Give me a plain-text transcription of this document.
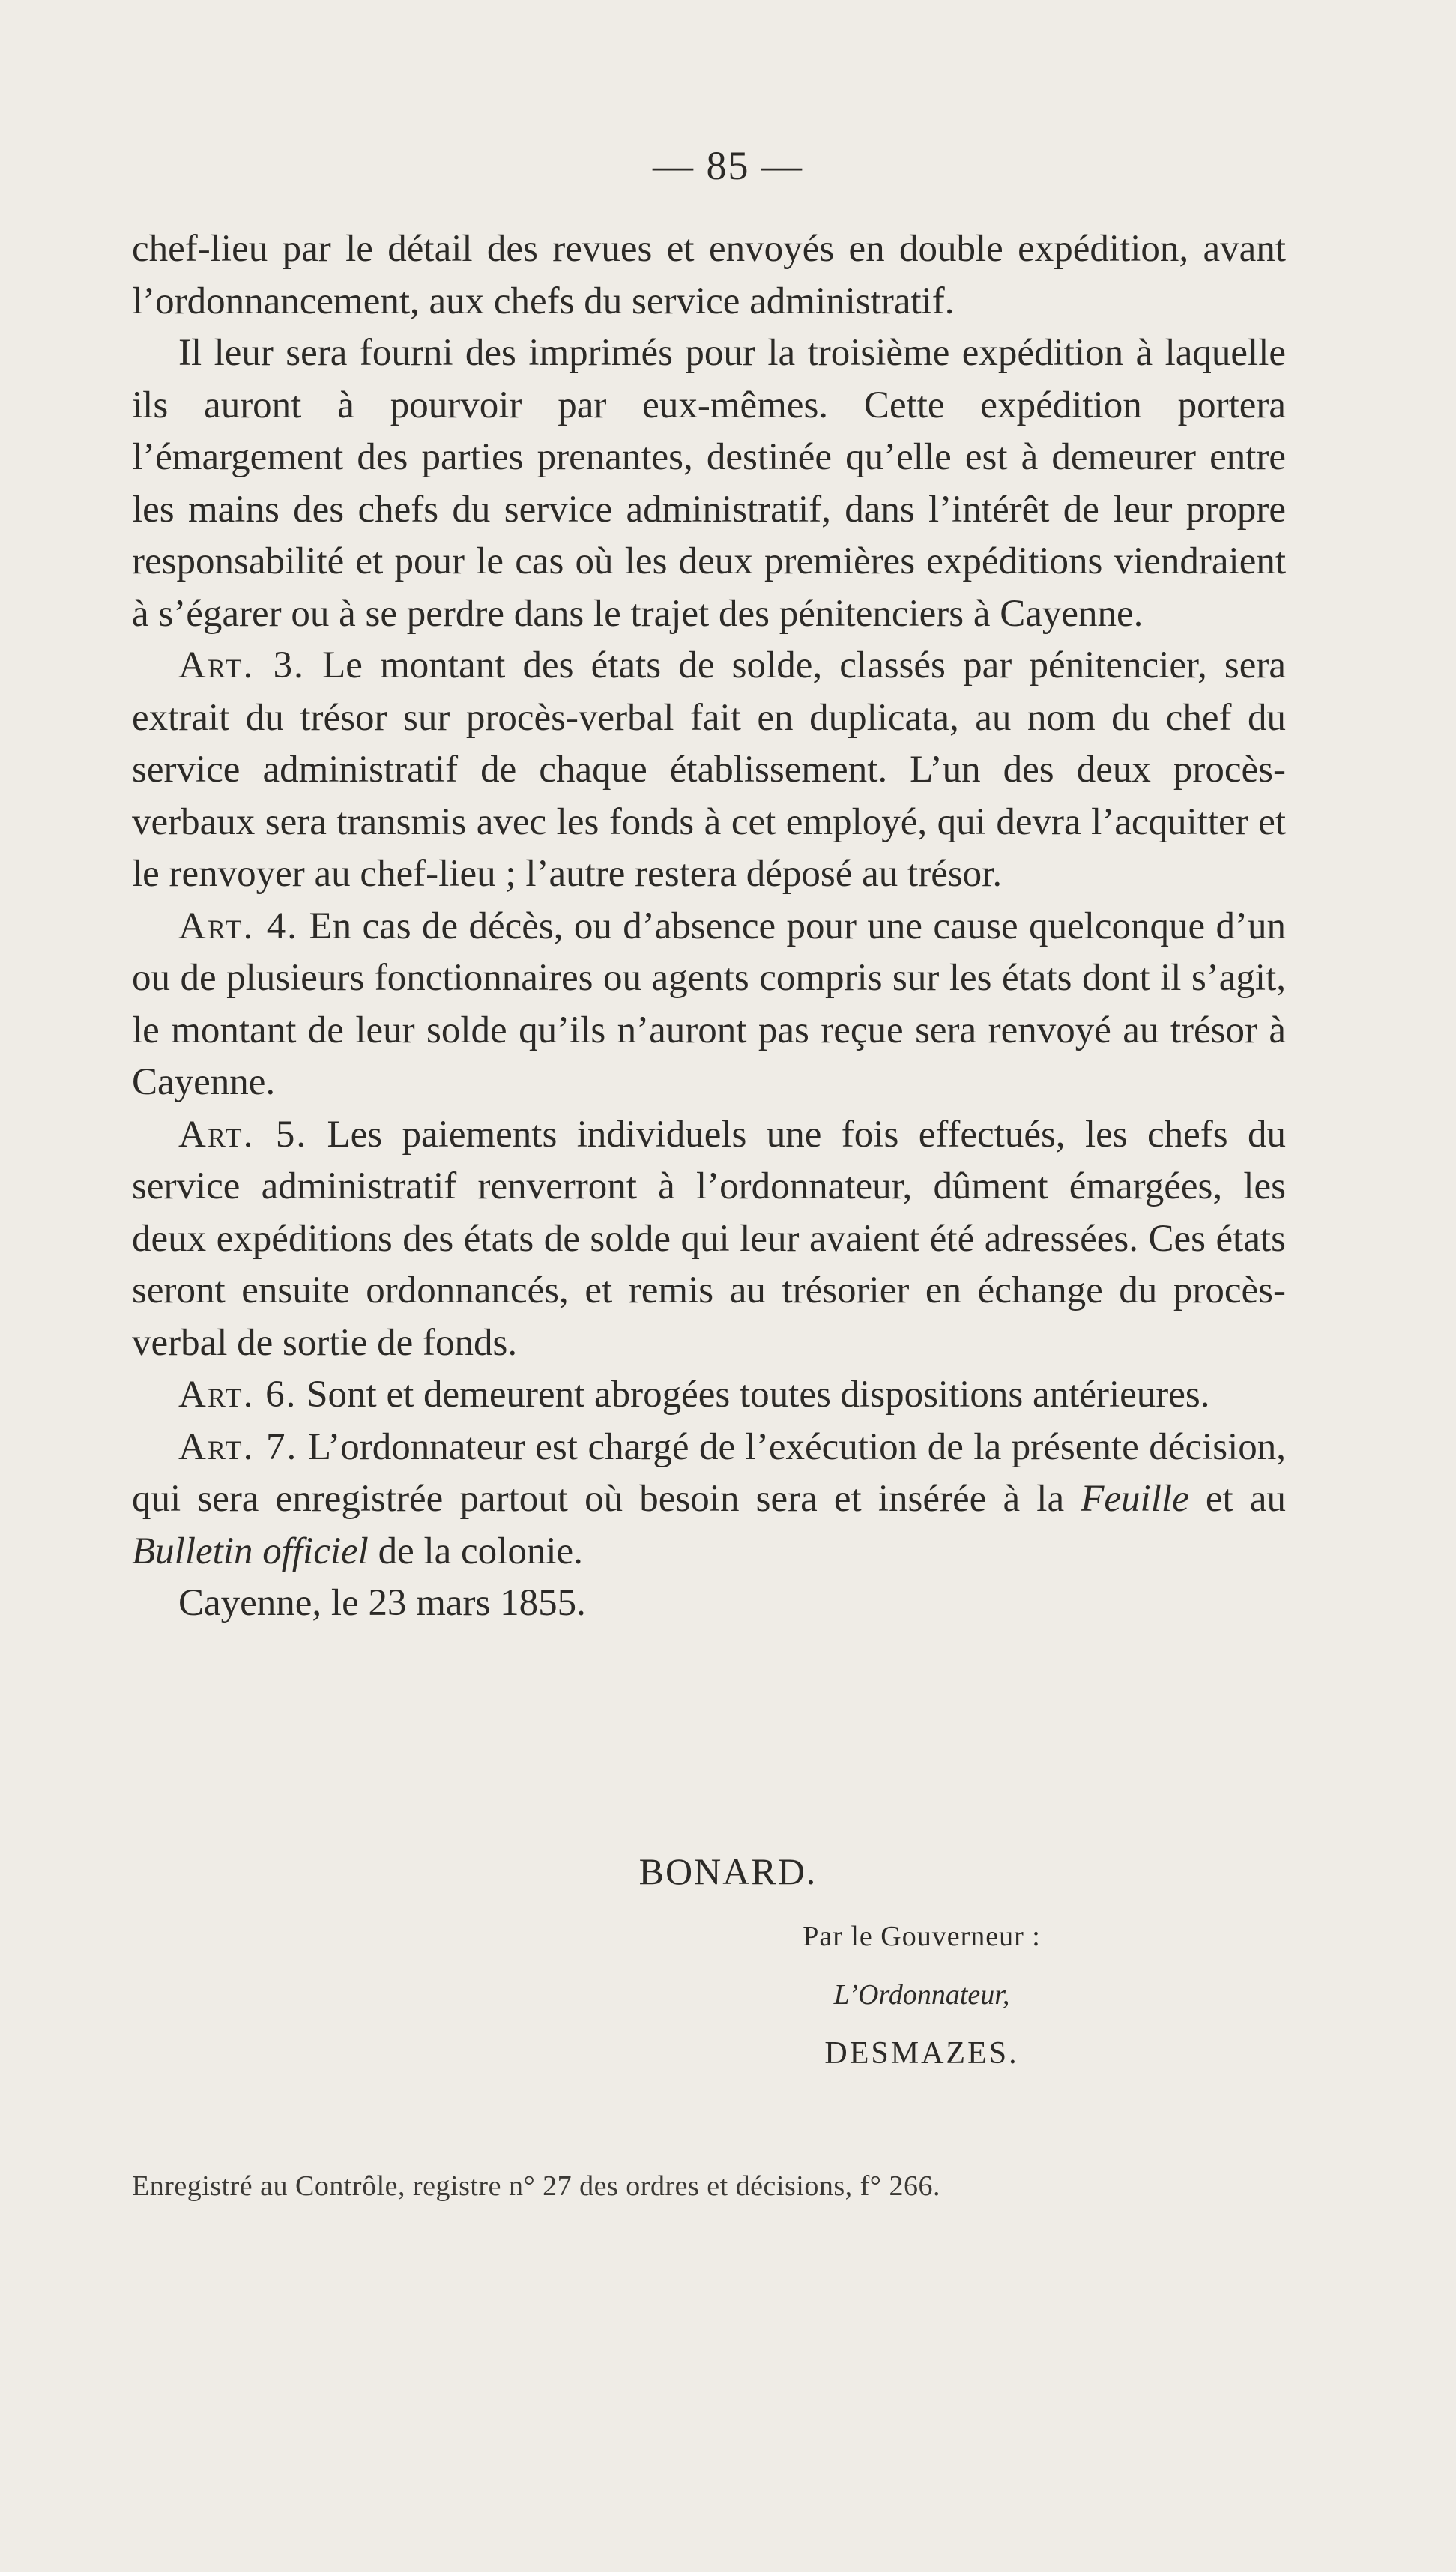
— 85 —

chef-lieu par le détail des revues et envoyés en double expédition, avant l’ordonnancement, aux chefs du service administratif.

Il leur sera fourni des imprimés pour la troisième expédition à laquelle ils auront à pourvoir par eux-mêmes. Cette expédition portera l’émargement des parties prenantes, destinée qu’elle est à demeurer entre les mains des chefs du service administratif, dans l’intérêt de leur propre responsabilité et pour le cas où les deux premières expéditions viendraient à s’égarer ou à se perdre dans le trajet des pénitenciers à Cayenne.

Art. 3. Le montant des états de solde, classés par pénitencier, sera extrait du trésor sur procès-verbal fait en duplicata, au nom du chef du service administratif de chaque établissement. L’un des deux procès-verbaux sera transmis avec les fonds à cet employé, qui devra l’acquitter et le renvoyer au chef-lieu ; l’autre restera déposé au trésor.

Art. 4. En cas de décès, ou d’absence pour une cause quelconque d’un ou de plusieurs fonctionnaires ou agents compris sur les états dont il s’agit, le montant de leur solde qu’ils n’auront pas reçue sera renvoyé au trésor à Cayenne.

Art. 5. Les paiements individuels une fois effectués, les chefs du service administratif renverront à l’ordonnateur, dûment émargées, les deux expéditions des états de solde qui leur avaient été adressées. Ces états seront ensuite ordonnancés, et remis au trésorier en échange du procès-verbal de sortie de fonds.

Art. 6. Sont et demeurent abrogées toutes dispositions antérieures.

Art. 7. L’ordonnateur est chargé de l’exécution de la présente décision, qui sera enregistrée partout où besoin sera et insérée à la Feuille et au Bulletin officiel de la colonie.

Cayenne, le 23 mars 1855.

BONARD.
Par le Gouverneur :
L’Ordonnateur,
DESMAZES.
Enregistré au Contrôle, registre n° 27 des ordres et décisions, f° 266.
